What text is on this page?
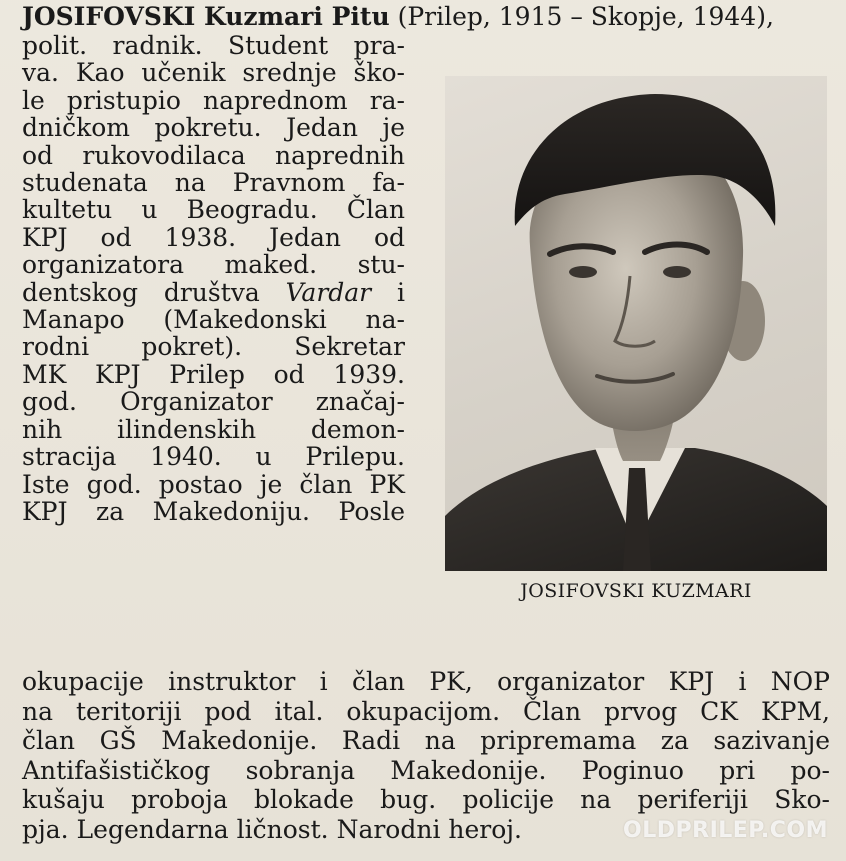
JOSIFOVSKI Kuzmari Pitu (Prilep, 1915 – Skopje, 1944),
polit. radnik. Student pra-
va. Kao učenik srednje ško-
le pristupio naprednom ra-
dničkom pokretu. Jedan je
od rukovodilaca naprednih
studenata na Pravnom fa-
kultetu u Beogradu. Član
KPJ od 1938. Jedan od
organizatora maked. stu-
dentskog društva Vardar i
Manapo (Makedonski na-
rodni pokret). Sekretar
MK KPJ Prilep od 1939.
god. Organizator značaj-
nih ilindenskih demon-
stracija 1940. u Prilepu.
Iste god. postao je član PK
KPJ za Makedoniju. Posle
JOSIFOVSKI KUZMARI
okupacije instruktor i član PK, organizator KPJ i NOP
na teritoriji pod ital. okupacijom. Član prvog CK KPM,
član GŠ Makedonije. Radi na pripremama za sazivanje
Antifašističkog sobranja Makedonije. Poginuo pri po-
kušaju proboja blokade bug. policije na periferiji Sko-
pja. Legendarna ličnost. Narodni heroj.	OLDPRILEP.COM
